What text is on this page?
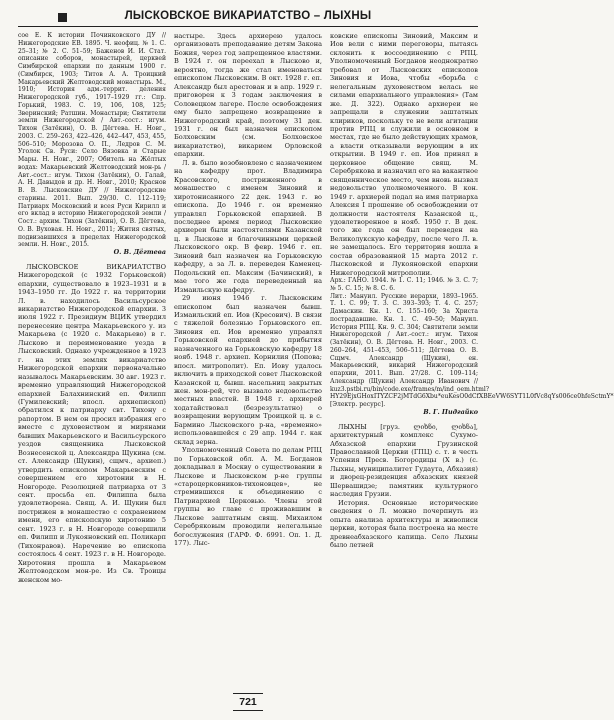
ЛЫСКОВСКОЕ ВИКАРИАТСТВО – ЛЫХНЫ

сое Е. К истории Починковского ДУ // Нижегородские ЕВ. 1895. Ч. неофиц. № 1. С. 25–31; № 2. С. 51–59; Баженов И. И. Стат. описание соборов, монастырей, церквей Симбирской епархии по данным 1900 г. (Симбирск, 1903; Титов А. А. Троицкий Макарьевский Желтоводский монастырь. М., 1910; История адм.-террит. деления Нижегородской губ., 1917–1929 гг.: Спр. Горький, 1983. С. 19, 106, 108, 125; Зверинский; Ратшин. Монастыри; Святители земли Нижегородской / Авт.-сост.: игум. Тихон (Затёкин), О. В. Дёгтева. Н. Новг., 2003. С. 259–263, 422–426, 442–447, 453, 455, 506–510; Морозова О. П., Ледров С. М. Уголок Св. Руси: Село Вязовка и Старые Мары. Н. Новг., 2007; Обитель на Жёлтых водах: Макарьевский Желтоводский мон-рь / Авт.-сост.: игум. Тихон (Затёкин), О. Галай, А. Н. Давыдов и др. Н. Новг., 2010; Краснов В. В. Лысковские ДУ // Нижегородские старины. 2011. Вып. 29/30. С. 112–119; Патриарх Московский и всея Руси Кирилл и его вклад в историю Нижегородской земли / Сост.: архим. Тихон (Затёкин), О. В. Дёгтева, О. В. Вуховая. Н. Новг., 2011; Жития святых, подвизавшихся в пределах Нижегородской земли. Н. Новг., 2015.

О. В. Дёгтева

ЛЫСКОВСКОЕ ВИКАРИАТСТВО Нижегородской (с 1932 Горьковской) епархии, существовало в 1923–1931 и в 1943–1950 гг. До 1922 г. на территории Л. в. находилось Васильсурское викариатство Нижегородской епархии. 3 июля 1922 г. Президиум ВЦИК утвердил перенесение центра Макарьевского у. из Макарьева (с 1920 с. Макарьево) в г. Лысково и переименование уезда в Лысковский. Однако учрежденное в 1923 г. на этих землях викариатство Нижегородской епархии первоначально называлось Макарьевским. 30 авг. 1923 г. временно управляющий Нижегородской епархией Балахнинский еп. Филипп (Гумилевский; впосл. архиепископ) обратился к патриарху свт. Тихону с рапортом. В нем он просил избрания его вместе с духовенством и мирянами бывших Макарьевского и Васильсурского уездов священника Лысковской Вознесенской ц. Александра Щукина (см. ст. Александр (Щукин), сщмч., архиеп.) утвердить епископом Макарьевским с совершением его хиротонии в Н. Новгороде. Резолюцией патриарха от 3 сент. просьба еп. Филиппа была удовлетворена. Свящ. А. И. Щукин был пострижен в монашество с сохранением имени, его епископскую хиротонию 5 сент. 1923 г. в Н. Новгороде совершили еп. Филипп и Лукояновский еп. Поликарп (Тихонравов). Наречение во епископа состоялось 4 сент. 1923 г. в Н. Новгороде. Хиротония прошла в Макарьевом Желтоводском мон-ре. Из Св. Троицы женском мо-

настыре. Здесь архиерею удалось организовать преподавание детям Закона Божия, через год запрещенное властями. В 1924 г. он переехал в Лысково и, вероятно, тогда же стал именоваться епископом Лысковским. В окт. 1928 г. еп. Александр был арестован и в апр. 1929 г. приговорен к 3 годам заключения в Соловецком лагере. После освобождения ему было запрещено возвращение в Нижегородский край, поэтому 31 дек. 1931 г. он был назначен епископом Болховским (см. Болховское викариатство), викарием Орловской епархии.

Л. в. было возобновлено с назначением на кафедру прот. Владимира Красовского, постриженного в монашество с именем Зиновий и хиротонисанного 22 дек. 1943 г. во епископа. До 1946 г. он временно управлял Горьковской епархией. В последнее время период Лысковские архиереи были настоятелями Казанской ц. в Лыскове и благочинными церквей Лысковского окр. В февр. 1946 г. еп. Зиновий был назначен на Горьковскую кафедру, а за Л. в. переведен Каменец-Подольский еп. Максим (Бачинский), в мае того же года переведенный на Измаильскую кафедру.

29 июня 1946 г. Лысковским епископом был назначен бывш. Измаильский еп. Иов (Кресович). В связи с тяжелой болезнью Горьковского еп. Зиновия еп. Иов временно управлял Горьковской епархией до прибытия назначенного на Горьковскую кафедру 18 нояб. 1948 г. архиеп. Корнилия (Попова; впосл. митрополит). Еп. Иову удалось включить в приходской совет Лысковской Казанской ц. бывш. насельниц закрытых жен. мон-рей, что вызвало недовольство местных властей. В 1948 г. архиерей ходатайствовал (безрезультатно) о возвращении верующим Троицкой ц. в с. Бармино Лысковского р-на, «временно» использовавшейся с 29 апр. 1944 г. как склад зерна.

Уполномоченный Совета по делам РПЦ по Горьковской обл. А. М. Богданов докладывал в Москву о существовании в Лыскове и Лысковском р-не группы «староцерковников-тихоновцев», не стремившихся к объединению с Патриархией Церковью. Члены этой группы во главе с проживавшим в Лыскове заштатным свящ. Михаилом Серебряковым проводили нелегальные богослужения (ГАРФ. Ф. 6991. Оп. 1. Д. 177). Лыс-

ковские епископы Зиновий, Максим и Иов вели с ними переговоры, пытаясь склонить к воссоединению с РПЦ. Уполномоченный Богданов неоднократно требовал от Лысковских епископов Зиновия и Иова, чтобы «борьба с нелегальным духовенством велась не силами епархиального управления» (Там же. Д. 322). Однако архиереи не запрещали в служении заштатных клириков, поскольку те не вели агитации против РПЦ и служили в основном в местах, где не было действующих храмов, а власти отказывали верующим в их открытии. В 1949 г. еп. Иов принял в церковное общение свящ. М. Серебрякова и назначил его на вакантное священническое место, чем вновь вызвал недовольство уполномоченного. В кон. 1949 г. архиерей подал на имя патриарха Алексия I прошение об освобождении от должности настоятеля Казанской ц., удовлетворенное в нояб. 1950 г. В дек. того же года он был переведен на Великолукскую кафедру, после чего Л. в. не замещалось. Его территория вошла в состав образованной 15 марта 2012 г. Лысковской и Лукояновской епархии Нижегородской митрополии.

Арх.: ГАНО. 1944. № 1. С. 11; 1946. № 3. С. 7; № 5. С. 15; № 8. С. 6.

Лит.: Мануил. Русские иерархи, 1893–1965. Т. 1. С. 99; Т. 3. С. 393–393; Т. 4. С. 257; Дамаскин. Кн. 1. С. 155–160; За Христа пострадавшие. Кн. 1. С. 49–50; Мануил. История РПЦ. Кн. 9. С. 304; Святители земли Нижегородской / Авт.-сост.: игум. Тихон (Затёкин), О. В. Дёгтева. Н. Новг., 2003. С. 260–264, 451–453, 506–511; Дёгтева О. В. Сщмч. Александр (Щукин), ен. Макарьевский, викарий Нижегородский епархии, 2011. Вып. 27/28. С. 109–114; Александр (Щукин) Александр Иванович // kuz3.pstbi.ru/bin/code.exe/frames/m/ind_oem.html?HY29EjxGHoxITYZCF2jMTdG6Xbu*euKesO0dCfXBEeVW6SYT1L0fVc8qYs006ce0hfeSctmY* [Электр. ресурс].

В. Г. Пидгайко

ЛЫХНЫ [груз. ლიხნი, ლიხნა], архитектурный комплекс Сухумо-Абхазской епархии Грузинской Православной Церкви (ГПЦ) с. т. в честь Успения Пресв. Богородицы (Х в.) (с. Лыхны, муниципалитет Гудаута, Абхазия) и дворец-резиденция абхазских князей Шервашидзе; памятник культурного наследия Грузии.

История. Основные исторические сведения о Л. можно почерпнуть из опыта анализа архитектуры и живописи церкви, которая была построена на месте древнеабхазского капища. Село Лыхны было летней

721
